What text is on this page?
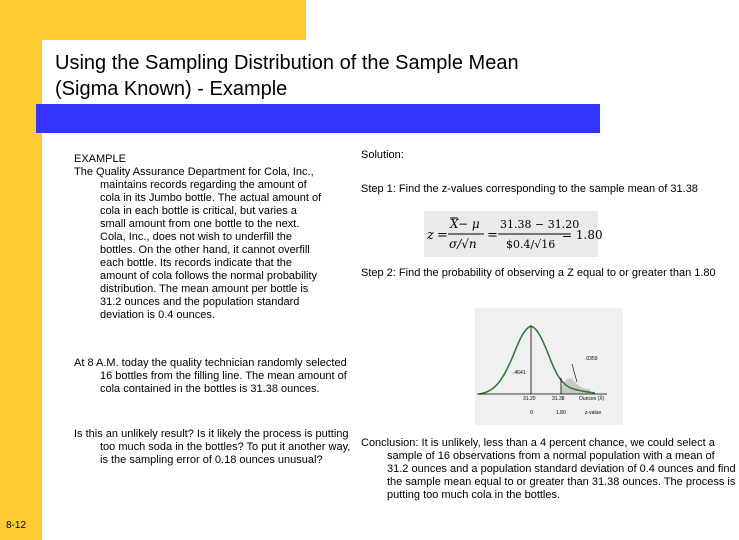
Using the Sampling Distribution of the Sample Mean
(Sigma Known) - Example
EXAMPLE
The Quality Assurance Department for Cola, Inc., maintains records regarding the amount of cola in its Jumbo bottle. The actual amount of cola in each bottle is critical, but varies a small amount from one bottle to the next. Cola, Inc., does not wish to underfill the bottles. On the other hand, it cannot overfill each bottle. Its records indicate that the amount of cola follows the normal probability distribution. The mean amount per bottle is 31.2 ounces and the population standard deviation is 0.4 ounces.
At 8 A.M. today the quality technician randomly selected 16 bottles from the filling line. The mean amount of cola contained in the bottles is 31.38 ounces.
Is this an unlikely result? Is it likely the process is putting too much soda in the bottles? To put it another way, is the sampling error of 0.18 ounces unusual?
Solution:
Step 1: Find the z-values corresponding to the sample mean of 31.38
z =
X − μ
σ/√n
=
31.38 − 31.20
$0.4/√16
= 1.80
Step 2: Find the probability of observing a Z equal to or greater than 1.80
.4641
.0359
31.20	31.38	Ounces (X̄)
0	1.80	z-value
Conclusion: It is unlikely, less than a 4 percent chance, we could select a sample of 16 observations from a normal population with a mean of 31.2 ounces and a population standard deviation of 0.4 ounces and find the sample mean equal to or greater than 31.38 ounces. The process is putting too much cola in the bottles.
8-12
